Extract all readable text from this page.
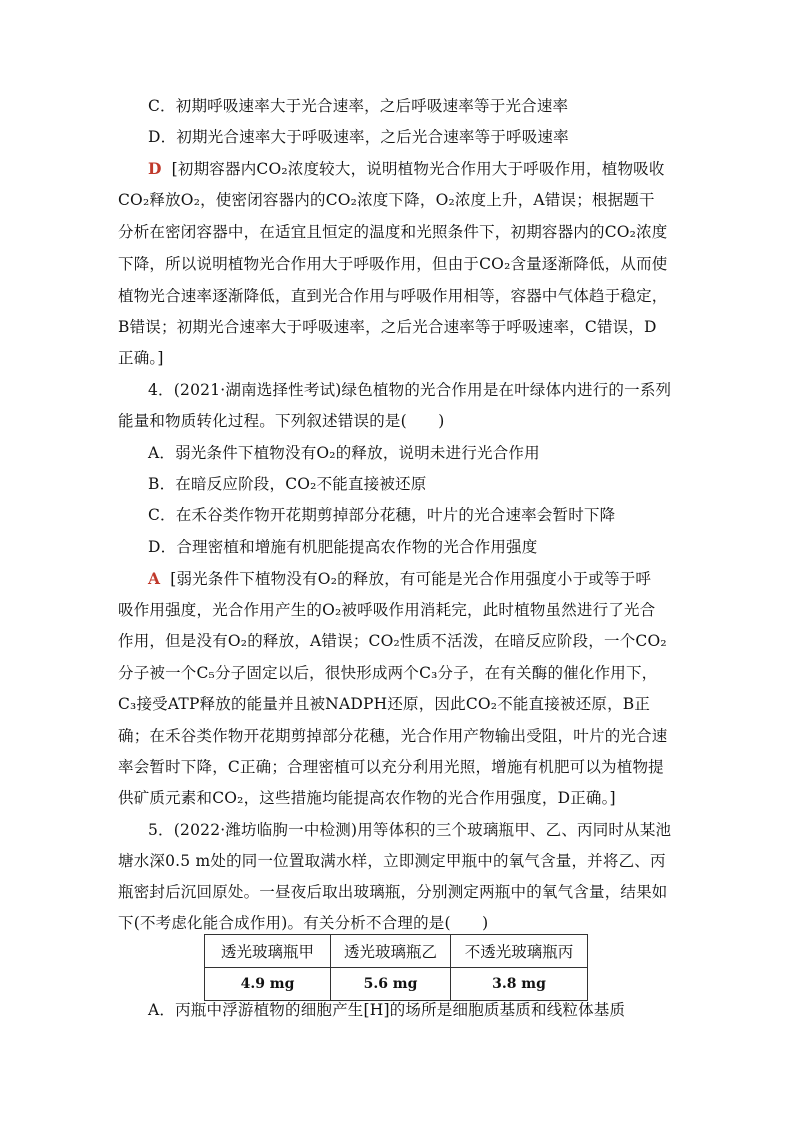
C．初期呼吸速率大于光合速率，之后呼吸速率等于光合速率
D．初期光合速率大于呼吸速率，之后光合速率等于呼吸速率
D [初期容器内CO₂浓度较大，说明植物光合作用大于呼吸作用，植物吸收
CO₂释放O₂，使密闭容器内的CO₂浓度下降，O₂浓度上升，A错误；根据题干
分析在密闭容器中，在适宜且恒定的温度和光照条件下，初期容器内的CO₂浓度
下降，所以说明植物光合作用大于呼吸作用，但由于CO₂含量逐渐降低，从而使
植物光合速率逐渐降低，直到光合作用与呼吸作用相等，容器中气体趋于稳定，
B错误；初期光合速率大于呼吸速率，之后光合速率等于呼吸速率，C错误，D
正确。]
4．(2021·湖南选择性考试)绿色植物的光合作用是在叶绿体内进行的一系列
能量和物质转化过程。下列叙述错误的是(　　)
A．弱光条件下植物没有O₂的释放，说明未进行光合作用
B．在暗反应阶段，CO₂不能直接被还原
C．在禾谷类作物开花期剪掉部分花穗，叶片的光合速率会暂时下降
D．合理密植和增施有机肥能提高农作物的光合作用强度
A [弱光条件下植物没有O₂的释放，有可能是光合作用强度小于或等于呼
吸作用强度，光合作用产生的O₂被呼吸作用消耗完，此时植物虽然进行了光合
作用，但是没有O₂的释放，A错误；CO₂性质不活泼，在暗反应阶段，一个CO₂
分子被一个C₅分子固定以后，很快形成两个C₃分子，在有关酶的催化作用下，
C₃接受ATP释放的能量并且被NADPH还原，因此CO₂不能直接被还原，B正
确；在禾谷类作物开花期剪掉部分花穗，光合作用产物输出受阻，叶片的光合速
率会暂时下降，C正确；合理密植可以充分利用光照，增施有机肥可以为植物提
供矿质元素和CO₂，这些措施均能提高农作物的光合作用强度，D正确。]
5．(2022·潍坊临朐一中检测)用等体积的三个玻璃瓶甲、乙、丙同时从某池
塘水深0.5 m处的同一位置取满水样，立即测定甲瓶中的氧气含量，并将乙、丙
瓶密封后沉回原处。一昼夜后取出玻璃瓶，分别测定两瓶中的氧气含量，结果如
下(不考虑化能合成作用)。有关分析不合理的是(　　)
透光玻璃瓶甲	透光玻璃瓶乙	不透光玻璃瓶丙
4.9 mg	5.6 mg	3.8 mg
A．丙瓶中浮游植物的细胞产生[H]的场所是细胞质基质和线粒体基质
